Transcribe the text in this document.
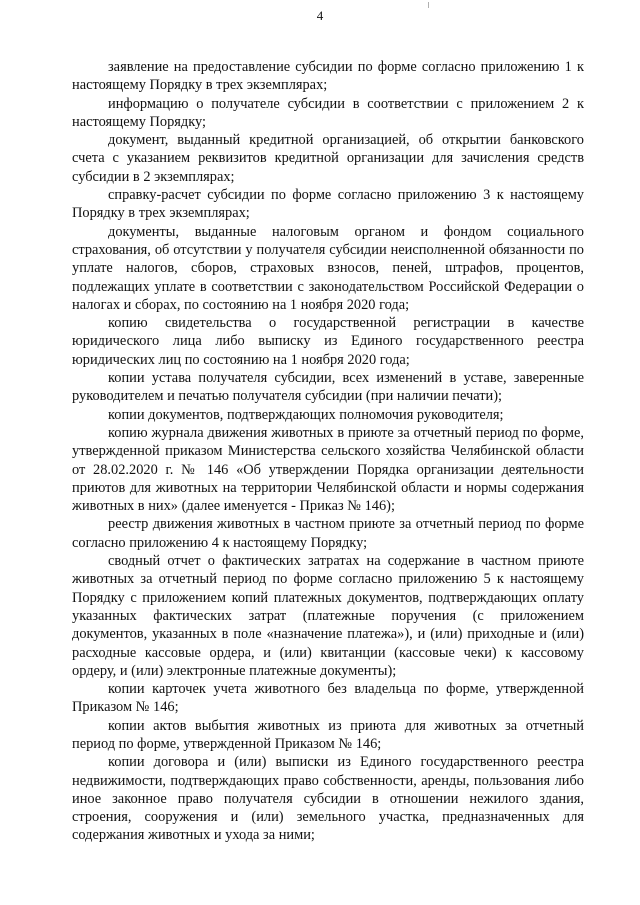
4

заявление на предоставление субсидии по форме согласно приложению 1 к настоящему Порядку в трех экземплярах;

информацию о получателе субсидии в соответствии с приложением 2 к настоящему Порядку;

документ, выданный кредитной организацией, об открытии банковского счета с указанием реквизитов кредитной организации для зачисления средств субсидии в 2 экземплярах;

справку-расчет субсидии по форме согласно приложению 3 к настоящему Порядку в трех экземплярах;

документы, выданные налоговым органом и фондом социального страхования, об отсутствии у получателя субсидии неисполненной обязанности по уплате налогов, сборов, страховых взносов, пеней, штрафов, процентов, подлежащих уплате в соответствии с законодательством Российской Федерации о налогах и сборах, по состоянию на 1 ноября 2020 года;

копию свидетельства о государственной регистрации в качестве юридического лица либо выписку из Единого государственного реестра юридических лиц по состоянию на 1 ноября 2020 года;

копии устава получателя субсидии, всех изменений в уставе, заверенные руководителем и печатью получателя субсидии (при наличии печати);

копии документов, подтверждающих полномочия руководителя;

копию журнала движения животных в приюте за отчетный период по форме, утвержденной приказом Министерства сельского хозяйства Челябинской области от 28.02.2020 г. № 146 «Об утверждении Порядка организации деятельности приютов для животных на территории Челябинской области и нормы содержания животных в них» (далее именуется - Приказ № 146);

реестр движения животных в частном приюте за отчетный период по форме согласно приложению 4 к настоящему Порядку;

сводный отчет о фактических затратах на содержание в частном приюте животных за отчетный период по форме согласно приложению 5 к настоящему Порядку с приложением копий платежных документов, подтверждающих оплату указанных фактических затрат (платежные поручения (с приложением документов, указанных в поле «назначение платежа»), и (или) приходные и (или) расходные кассовые ордера, и (или) квитанции (кассовые чеки) к кассовому ордеру, и (или) электронные платежные документы);

копии карточек учета животного без владельца по форме, утвержденной Приказом № 146;

копии актов выбытия животных из приюта для животных за отчетный период по форме, утвержденной Приказом № 146;

копии договора и (или) выписки из Единого государственного реестра недвижимости, подтверждающих право собственности, аренды, пользования либо иное законное право получателя субсидии в отношении нежилого здания, строения, сооружения и (или) земельного участка, предназначенных для содержания животных и ухода за ними;
